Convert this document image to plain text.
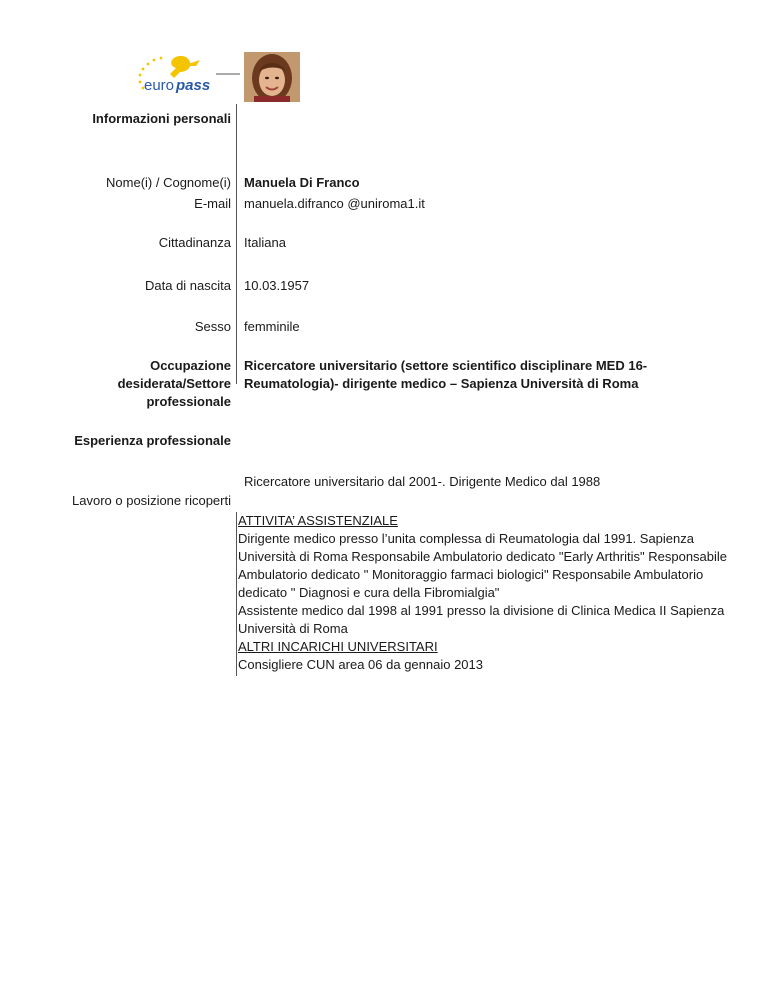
euro pass
Informazioni personali
Nome(i) / Cognome(i) Manuela Di Franco
E-mail manuela.difranco @uniroma1.it
Cittadinanza Italiana
Data di nascita 10.03.1957
Sesso femminile
Occupazione
desiderata/Settore
professionale
Ricercatore universitario (settore scientifico disciplinare MED 16-
Reumatologia)- dirigente medico – Sapienza Università di Roma
Esperienza professionale
Ricercatore universitario dal 2001-. Dirigente Medico dal 1988
Lavoro o posizione ricoperti
ATTIVITA’ ASSISTENZIALE
Dirigente medico presso l’unita complessa di Reumatologia dal 1991. Sapienza
Università di Roma Responsabile Ambulatorio dedicato "Early Arthritis" Responsabile
Ambulatorio dedicato " Monitoraggio farmaci biologici" Responsabile Ambulatorio
dedicato " Diagnosi e cura della Fibromialgia"
Assistente medico dal 1998 al 1991 presso la divisione di Clinica Medica II Sapienza
Università di Roma
ALTRI INCARICHI UNIVERSITARI
Consigliere CUN area 06 da gennaio 2013
